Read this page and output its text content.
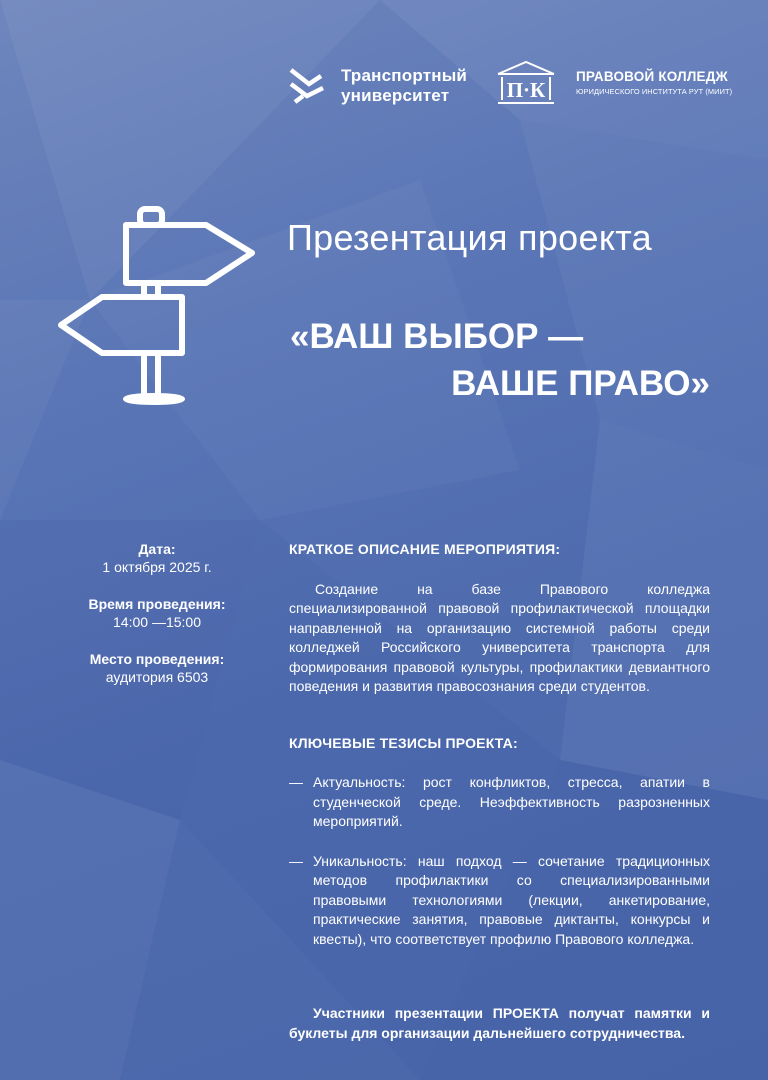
Транспортный
университет	П·К
ПРАВОВОЙ КОЛЛЕДЖ
ЮРИДИЧЕСКОГО ИНСТИТУТА РУТ (МИИТ)
Презентация проекта
«ВАШ ВЫБОР —
ВАШЕ ПРАВО»
Дата:
1 октября 2025 г.
Время проведения:
14:00 —15:00
Место проведения:
аудитория 6503

КРАТКОЕ ОПИСАНИЕ МЕРОПРИЯТИЯ:

Создание на базе Правового колледжа специализированной правовой профилактической площадки направленной на организацию системной работы среди колледжей Российского университета транспорта для формирования правовой культуры, профилактики девиантного поведения и развития правосознания среди студентов.

КЛЮЧЕВЫЕ ТЕЗИСЫ ПРОЕКТА:

— Актуальность: рост конфликтов, стресса, апатии в студенческой среде. Неэффективность разрозненных мероприятий.
— Уникальность: наш подход — сочетание традиционных методов профилактики со специализированными правовыми технологиями (лекции, анкетирование, практические занятия, правовые диктанты, конкурсы и квесты), что соответствует профилю Правового колледжа.

Участники презентации ПРОЕКТА получат памятки и буклеты для организации дальнейшего сотрудничества.
